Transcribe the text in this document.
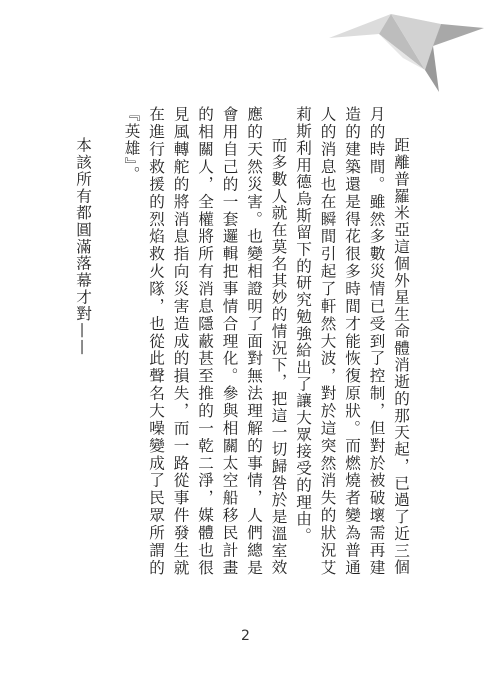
距離普羅米亞這個外星生命體消逝的那天起，已過了近三個月的時間。雖然多數災情已受到了控制，但對於被破壞需再建造的建築還是得花很多時間才能恢復原狀。而燃燒者變為普通人的消息也在瞬間引起了軒然大波，對於這突然消失的狀況艾莉斯利用德烏斯留下的研究勉強給出了讓大眾接受的理由。

而多數人就在莫名其妙的情況下，把這一切歸咎於是溫室效應的天然災害。也變相證明了面對無法理解的事情，人們總是會用自己的一套邏輯把事情合理化。參與相關太空船移民計畫的相關人，全權將所有消息隱蔽甚至推的一乾二淨，媒體也很見風轉舵的將消息指向災害造成的損失，而一路從事件發生就在進行救援的烈焰救火隊，也從此聲名大噪變成了民眾所謂的『英雄』。

本該所有都圓滿落幕才對——

2
